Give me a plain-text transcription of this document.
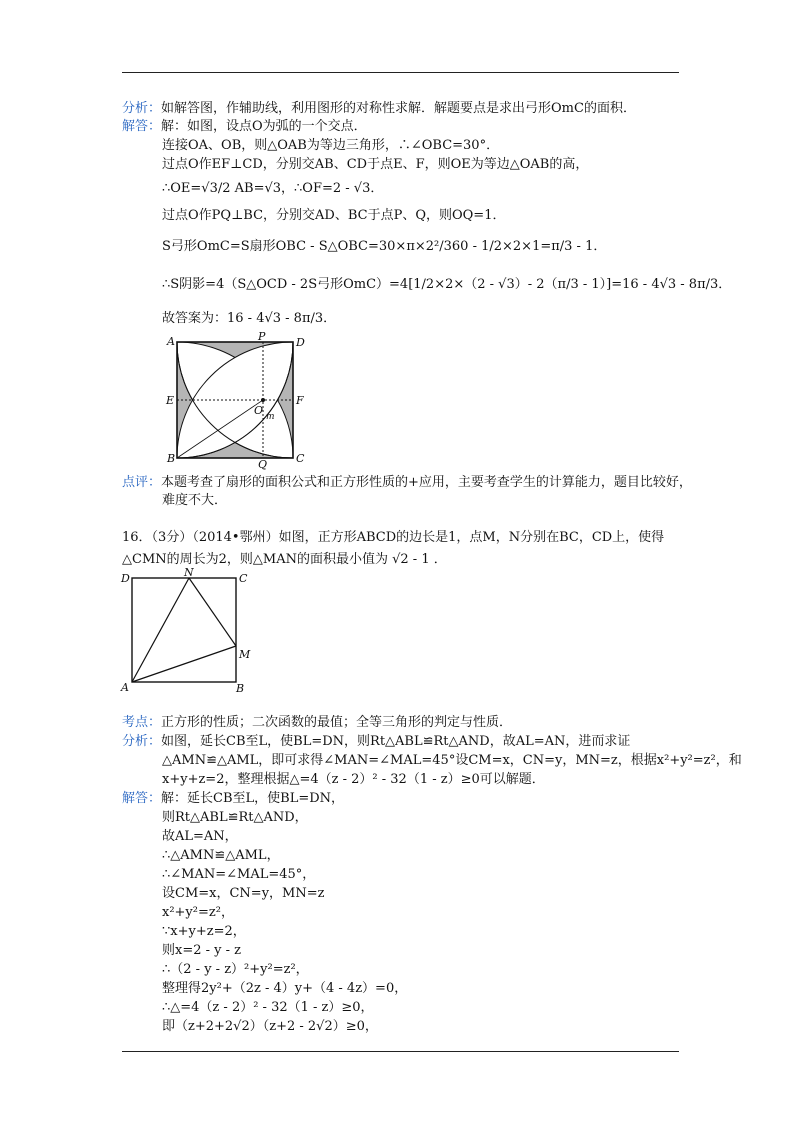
分析：如解答图，作辅助线，利用图形的对称性求解．解题要点是求出弓形OmC的面积．
解答：解：如图，设点O为弧的一个交点．
连接OA、OB，则△OAB为等边三角形，∴∠OBC=30°．
过点O作EF⊥CD，分别交AB、CD于点E、F，则OE为等边△OAB的高，
∴OE=√3/2 AB=√3，∴OF=2 - √3．
过点O作PQ⊥BC，分别交AD、BC于点P、Q，则OQ=1．
S弓形OmC=S扇形OBC - S△OBC=30×π×2²/360 - 1/2×2×1=π/3 - 1．
∴S阴影=4（S△OCD - 2S弓形OmC）=4[1/2×2×（2 - √3）- 2（π/3 - 1）]=16 - 4√3 - 8π/3．
故答案为：16 - 4√3 - 8π/3．
A	P	D
E
O
F
m
B	Q	C
点评：本题考查了扇形的面积公式和正方形性质的+应用，主要考查学生的计算能力，题目比较好，
难度不大．
16．（3分）（2014•鄂州）如图，正方形ABCD的边长是1，点M，N分别在BC，CD上，使得
△CMN的周长为2，则△MAN的面积最小值为 √2 - 1 ．
D	N	C
M
A	B
考点：正方形的性质；二次函数的最值；全等三角形的判定与性质．
分析：如图，延长CB至L，使BL=DN，则Rt△ABL≌Rt△AND，故AL=AN，进而求证
△AMN≌△AML，即可求得∠MAN=∠MAL=45°设CM=x，CN=y，MN=z，根据x²+y²=z²，和
x+y+z=2，整理根据△=4（z - 2）² - 32（1 - z）≥0可以解题．
解答：解：延长CB至L，使BL=DN，
则Rt△ABL≌Rt△AND，
故AL=AN，
∴△AMN≌△AML，
∴∠MAN=∠MAL=45°，
设CM=x，CN=y，MN=z
x²+y²=z²，
∵x+y+z=2，
则x=2 - y - z
∴（2 - y - z）²+y²=z²，
整理得2y²+（2z - 4）y+（4 - 4z）=0，
∴△=4（z - 2）² - 32（1 - z）≥0，
即（z+2+2√2）（z+2 - 2√2）≥0，
